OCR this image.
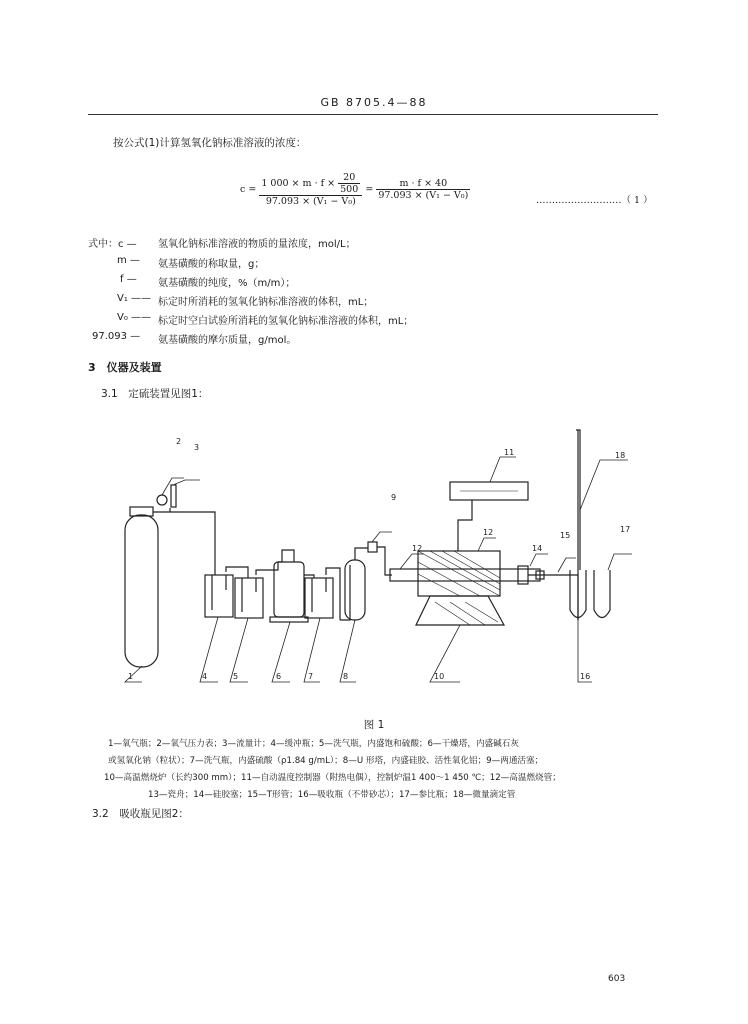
GB 8705.4—88
按公式(1)计算氢氧化钠标准溶液的浓度：
$c = \frac{1 000 \times m \cdot f \times \frac{20}{500}}{\text{97.093 × (V₁ − V₀)}} = \frac{m \cdot f \times 40}{\text{97.093 × (V₁ − V₀)}}$	………………………（ 1 ）
式中：c — 氢氧化钠标准溶液的物质的量浓度，mol/L；
m — 氨基磺酸的称取量，g；
f — 氨基磺酸的纯度，%（m/m）；
V₁ —— 标定时所消耗的氢氧化钠标准溶液的体积，mL；
V₀ —— 标定时空白试验所消耗的氢氧化钠标准溶液的体积，mL；
97.093 — 氨基磺酸的摩尔质量，g/mol。
3　仪器及装置
3.1　定硫装置见图1：
1
2
3
4	5	6	7	8
9
10
11
12
12
14
15
16
17
18
图 1
1—氧气瓶；2—氧气压力表；3—流量计；4—缓冲瓶；5—洗气瓶，内盛饱和硫酸；6—干燥塔，内盛碱石灰
或氢氧化钠（粒状）；7—洗气瓶，内盛硫酸（ρ1.84 g/mL）；8—U 形塔，内盛硅胶、活性氧化铝；9—两通活塞；
10—高温燃烧炉（长约300 mm）；11—自动温度控制器（附热电偶），控制炉温1 400～1 450 ℃；12—高温燃烧管；
13—瓷舟；14—硅胶塞；15—T形管；16—吸收瓶（不带砂芯）；17—参比瓶；18—微量滴定管
3.2　吸收瓶见图2：
603
